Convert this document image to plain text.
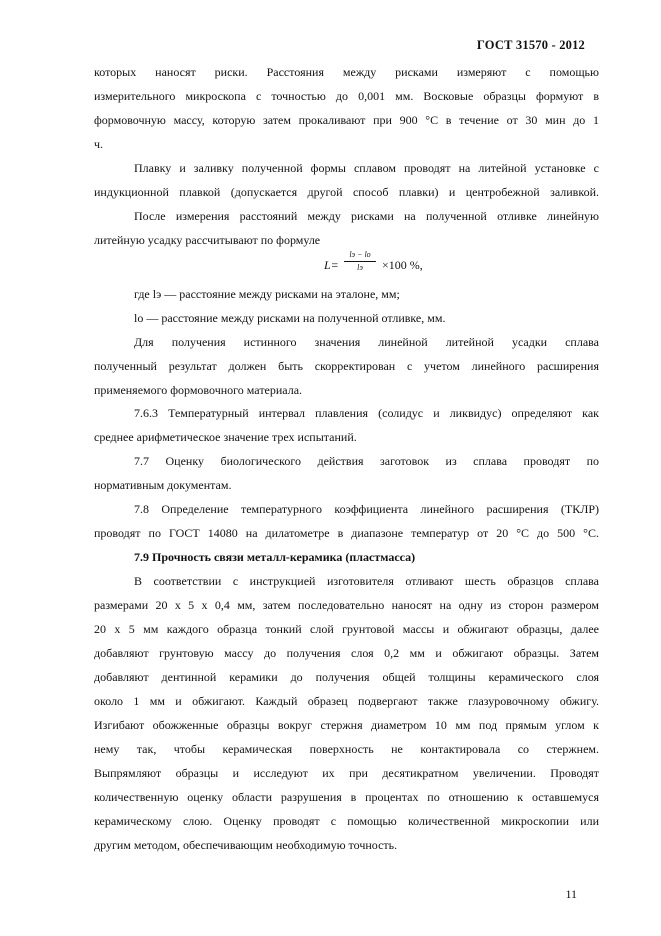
ГОСТ 31570 - 2012
которых наносят риски. Расстояния между рисками измеряют с помощью
измерительного микроскопа с точностью до 0,001 мм. Восковые образцы формуют в
формовочную массу, которую затем прокаливают при 900 °С в течение от 30 мин до 1
ч.
Плавку и заливку полученной формы сплавом проводят на литейной установке с
индукционной плавкой (допускается другой способ плавки) и центробежной заливкой.
После измерения расстояний между рисками на полученной отливке линейную
литейную усадку рассчитывают по формуле
L=
lэ − lо
lэ	×100 %,
где lэ — расстояние между рисками на эталоне, мм;
lо — расстояние между рисками на полученной отливке, мм.
Для получения истинного значения линейной литейной усадки сплава
полученный результат должен быть скорректирован с учетом линейного расширения
применяемого формовочного материала.
7.6.3 Температурный интервал плавления (солидус и ликвидус) определяют как
среднее арифметическое значение трех испытаний.
7.7 Оценку биологического действия заготовок из сплава проводят по
нормативным документам.
7.8 Определение температурного коэффициента линейного расширения (ТКЛР)
проводят по ГОСТ 14080 на дилатометре в диапазоне температур от 20 °С до 500 °С.
7.9 Прочность связи металл-керамика (пластмасса)
В соответствии с инструкцией изготовителя отливают шесть образцов сплава
размерами 20 х 5 х 0,4 мм, затем последовательно наносят на одну из сторон размером
20 х 5 мм каждого образца тонкий слой грунтовой массы и обжигают образцы, далее
добавляют грунтовую массу до получения слоя 0,2 мм и обжигают образцы. Затем
добавляют дентинной керамики до получения общей толщины керамического слоя
около 1 мм и обжигают. Каждый образец подвергают также глазуровочному обжигу.
Изгибают обожженные образцы вокруг стержня диаметром 10 мм под прямым углом к
нему так, чтобы керамическая поверхность не контактировала со стержнем.
Выпрямляют образцы и исследуют их при десятикратном увеличении. Проводят
количественную оценку области разрушения в процентах по отношению к оставшемуся
керамическому слою. Оценку проводят с помощью количественной микроскопии или
другим методом, обеспечивающим необходимую точность.
11
